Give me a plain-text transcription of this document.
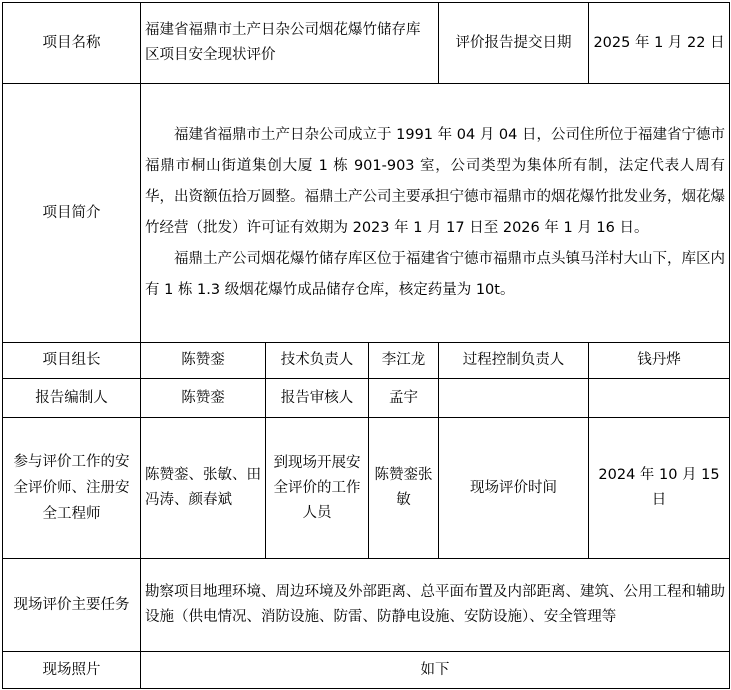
项目名称	福建省福鼎市土产日杂公司烟花爆竹储存库区项目安全现状评价			评价报告提交日期	2025 年 1 月 22 日
项目简介	福建省福鼎市土产日杂公司成立于 1991 年 04 月 04 日，公司住所位于福建省宁德市福鼎市桐山街道集创大厦 1 栋 901-903 室，公司类型为集体所有制，法定代表人周有华，出资额伍拾万圆整。福鼎土产公司主要承担宁德市福鼎市的烟花爆竹批发业务，烟花爆竹经营（批发）许可证有效期为 2023 年 1 月 17 日至 2026 年 1 月 16 日。

福鼎土产公司烟花爆竹储存库区位于福建省宁德市福鼎市点头镇马洋村大山下，库区内有 1 栋 1.3 级烟花爆竹成品储存仓库，核定药量为 10t。				

项目组长	陈赞銮	技术负责人	李江龙	过程控制负责人	钱丹烨
报告编制人	陈赞銮	报告审核人	孟宇		
参与评价工作的安全评价师、注册安全工程师	陈赞銮、张敏、田冯涛、颜春斌	到现场开展安全评价的工作人员	陈赞銮张敏	现场评价时间	2024 年 10 月 15 日
现场评价主要任务	勘察项目地理环境、周边环境及外部距离、总平面布置及内部距离、建筑、公用工程和辅助设施（供电情况、消防设施、防雷、防静电设施、安防设施）、安全管理等				
现场照片	如下				
